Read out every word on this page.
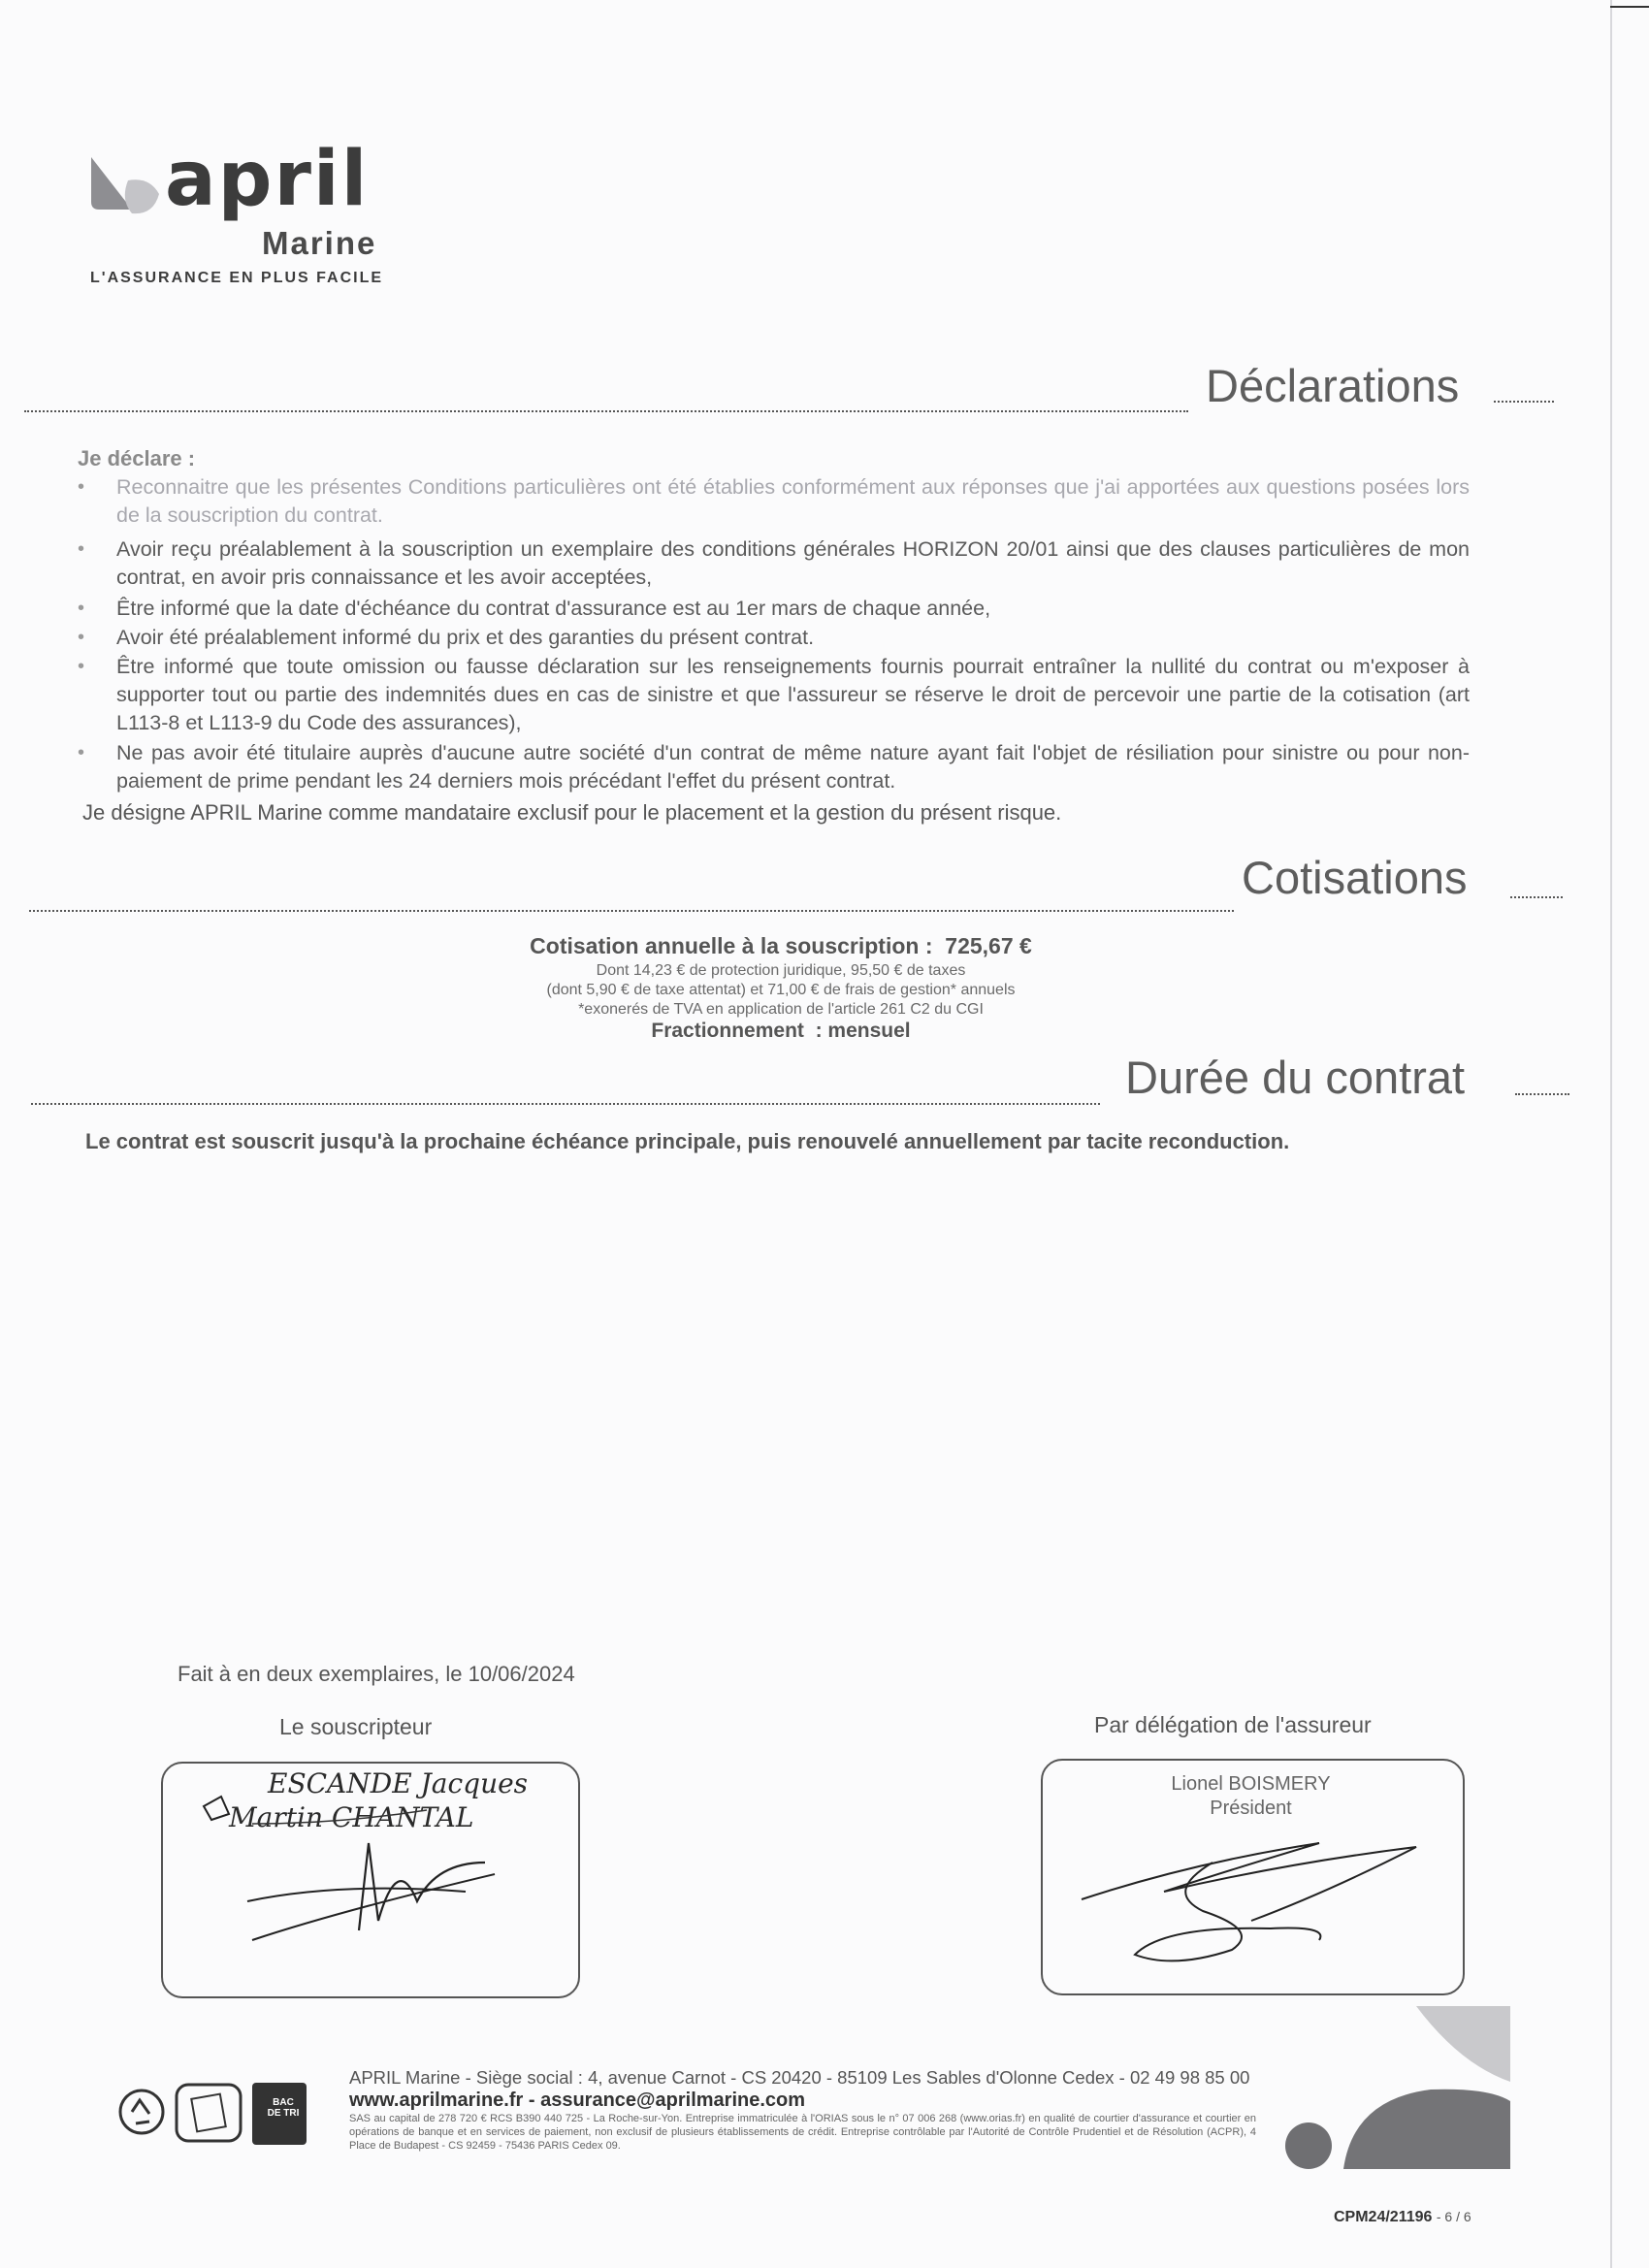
april
Marine
L'ASSURANCE EN PLUS FACILE
Déclarations
Je déclare :
• Reconnaitre que les présentes Conditions particulières ont été établies conformément aux réponses que j'ai apportées aux questions posées lors de la souscription du contrat.
• Avoir reçu préalablement à la souscription un exemplaire des conditions générales HORIZON 20/01 ainsi que des clauses particulières de mon contrat, en avoir pris connaissance et les avoir acceptées,
• Être informé que la date d'échéance du contrat d'assurance est au 1er mars de chaque année,
• Avoir été préalablement informé du prix et des garanties du présent contrat.
• Être informé que toute omission ou fausse déclaration sur les renseignements fournis pourrait entraîner la nullité du contrat ou m'exposer à supporter tout ou partie des indemnités dues en cas de sinistre et que l'assureur se réserve le droit de percevoir une partie de la cotisation (art L113-8 et L113-9 du Code des assurances),
• Ne pas avoir été titulaire auprès d'aucune autre société d'un contrat de même nature ayant fait l'objet de résiliation pour sinistre ou pour non-paiement de prime pendant les 24 derniers mois précédant l'effet du présent contrat.
Je désigne APRIL Marine comme mandataire exclusif pour le placement et la gestion du présent risque.
Cotisations
Cotisation annuelle à la souscription : 725,67 €
Dont 14,23 € de protection juridique, 95,50 € de taxes
(dont 5,90 € de taxe attentat) et 71,00 € de frais de gestion* annuels
*exonerés de TVA en application de l'article 261 C2 du CGI
Fractionnement : mensuel
Durée du contrat
Le contrat est souscrit jusqu'à la prochaine échéance principale, puis renouvelé annuellement par tacite reconduction.
Fait à en deux exemplaires, le 10/06/2024
Le souscripteur	Par délégation de l'assureur
ESCANDE Jacques
Martin CHANTAL
Lionel BOISMERY
Président
BAC DE TRI
APRIL Marine - Siège social : 4, avenue Carnot - CS 20420 - 85109 Les Sables d'Olonne Cedex - 02 49 98 85 00
www.aprilmarine.fr - assurance@aprilmarine.com
SAS au capital de 278 720 € RCS B390 440 725 - La Roche-sur-Yon. Entreprise immatriculée à l'ORIAS sous le n° 07 006 268 (www.orias.fr) en qualité de courtier d'assurance et courtier en opérations de banque et en services de paiement, non exclusif de plusieurs établissements de crédit. Entreprise contrôlable par l'Autorité de Contrôle Prudentiel et de Résolution (ACPR), 4 Place de Budapest - CS 92459 - 75436 PARIS Cedex 09.
CPM24/21196 - 6 / 6
